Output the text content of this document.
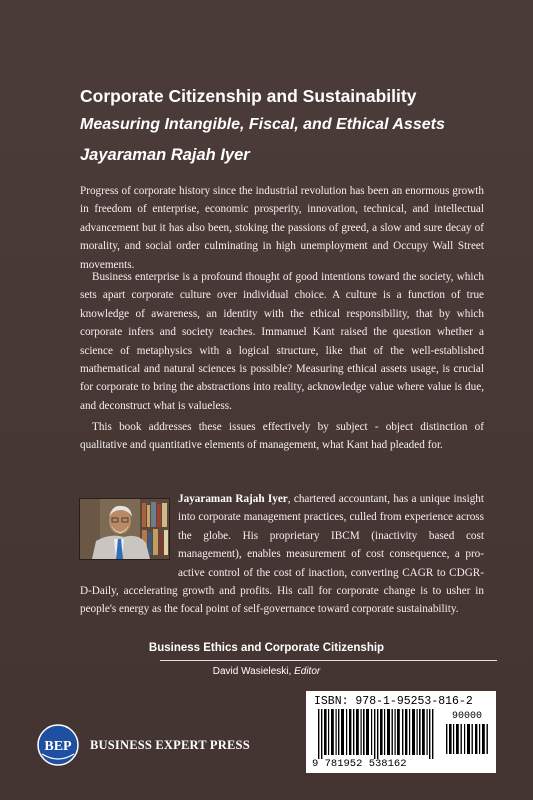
Corporate Citizenship and Sustainability
Measuring Intangible, Fiscal, and Ethical Assets
Jayaraman Rajah Iyer

Progress of corporate history since the industrial revolution has been an enormous growth in freedom of enterprise, economic prosperity, innovation, technical, and intellectual advancement but it has also been, stoking the passions of greed, a slow and sure decay of morality, and social order culminating in high unemployment and Occupy Wall Street movements.

Business enterprise is a profound thought of good intentions toward the society, which sets apart corporate culture over individual choice. A culture is a function of true knowledge of awareness, an identity with the ethical responsibility, that by which corporate infers and society teaches. Immanuel Kant raised the question whether a science of metaphysics with a logical structure, like that of the well-established mathematical and natural sciences is possible? Measuring ethical assets usage, is crucial for corporate to bring the abstractions into reality, acknowledge value where value is due, and deconstruct what is valueless.

This book addresses these issues effectively by subject - object distinction of qualitative and quantitative elements of management, what Kant had pleaded for.

Jayaraman Rajah Iyer, chartered accountant, has a unique insight into corporate management practices, culled from experience across the globe. His proprietary IBCM (inactivity based cost management), enables measurement of cost consequence, a pro-active control of the cost of inaction, converting CAGR to CDGR-D-Daily, accelerating growth and profits. His call for corporate change is to usher in people's energy as the focal point of self-governance toward corporate sustainability.

Business Ethics and Corporate Citizenship
David Wasieleski, Editor
BEP BUSINESS EXPERT PRESS
ISBN: 978-1-95253-816-2
90000
9 781952 538162
